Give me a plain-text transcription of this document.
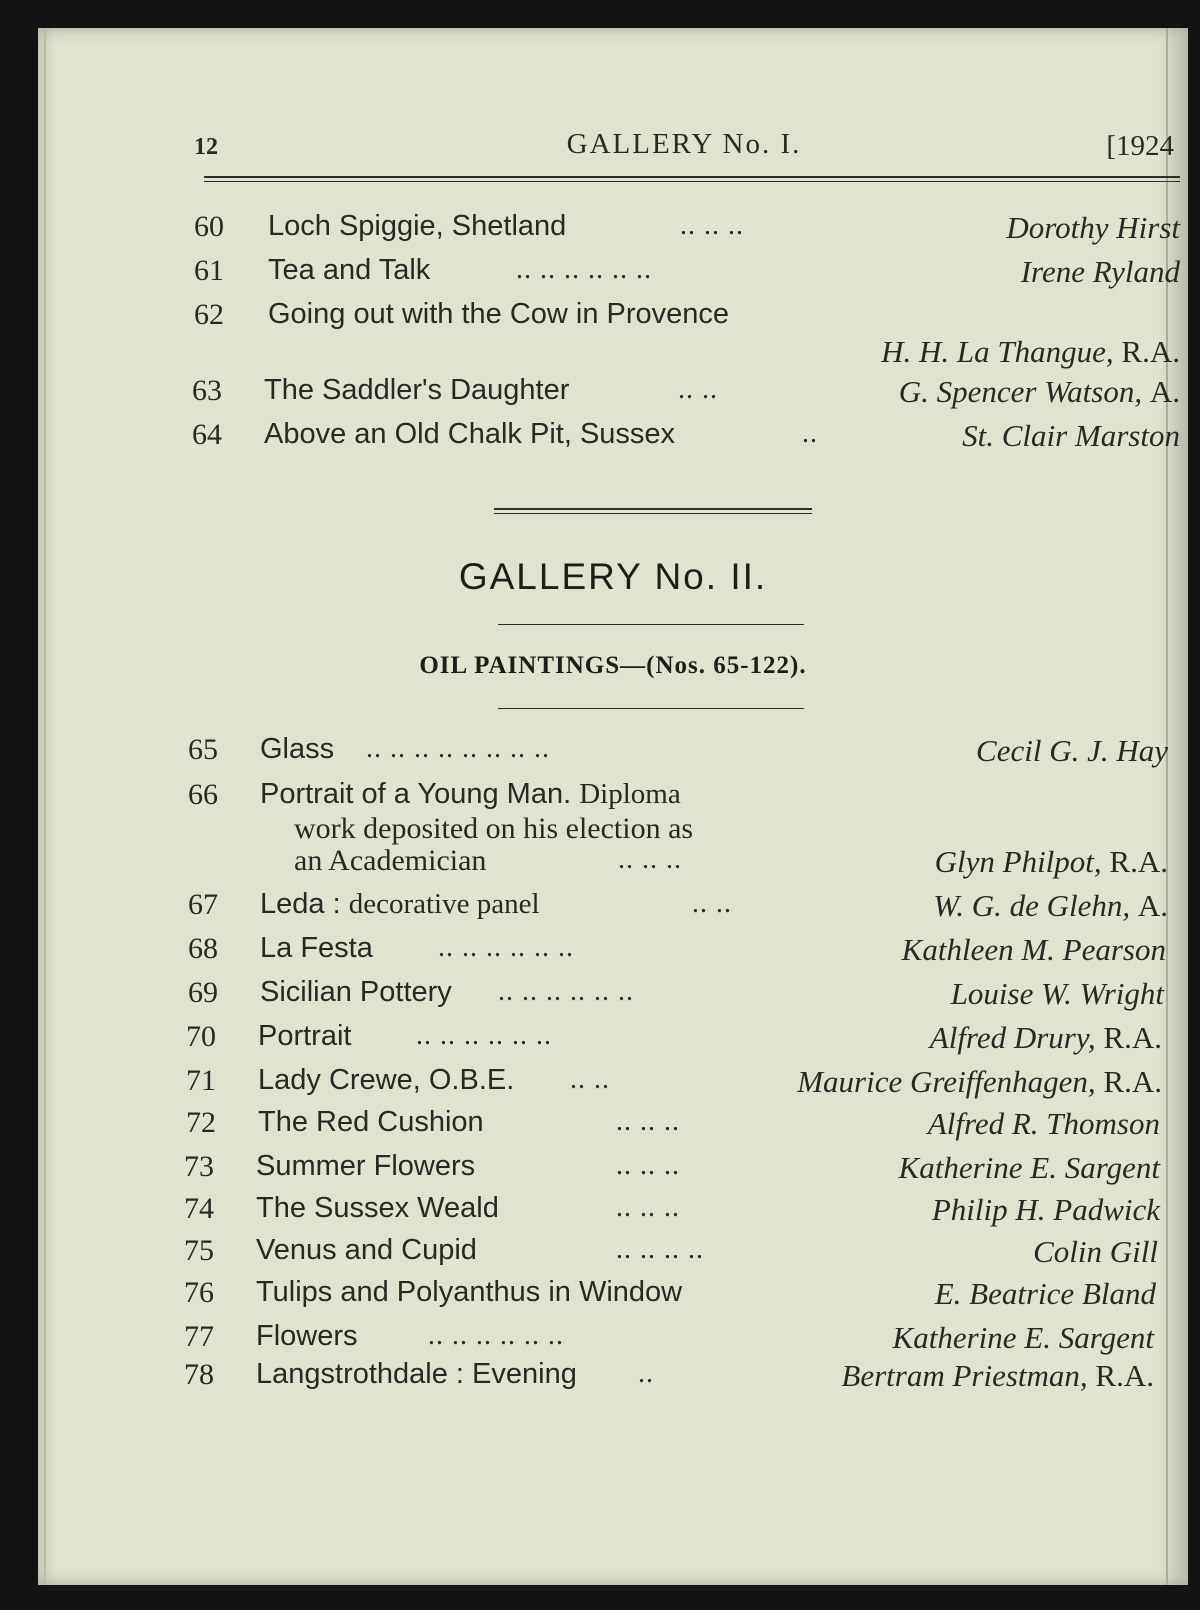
12	GALLERY No. I.	[1924
60 Loch Spiggie, Shetland	.. .. ..	Dorothy Hirst
61 Tea and Talk	.. .. .. .. .. ..	Irene Ryland
62 Going out with the Cow in Provence
H. H. La Thangue, R.A.
63 The Saddler's Daughter	.. ..	G. Spencer Watson, A.
64 Above an Old Chalk Pit, Sussex	..	St. Clair Marston
GALLERY No. II.
OIL PAINTINGS—(Nos. 65-122).
65 Glass .. .. .. .. .. .. .. ..	Cecil G. J. Hay
66 Portrait of a Young Man. Diploma
work deposited on his election as
an Academician	.. .. ..	Glyn Philpot, R.A.
67 Leda : decorative panel	.. ..	W. G. de Glehn, A.
68 La Festa .. .. .. .. .. ..	Kathleen M. Pearson
69 Sicilian Pottery .. .. .. .. .. ..	Louise W. Wright
70 Portrait .. .. .. .. .. ..	Alfred Drury, R.A.
71 Lady Crewe, O.B.E. .. ..	Maurice Greiffenhagen, R.A.
72 The Red Cushion	.. .. ..	Alfred R. Thomson
73 Summer Flowers	.. .. ..	Katherine E. Sargent
74 The Sussex Weald	.. .. ..	Philip H. Padwick
75 Venus and Cupid	.. .. .. ..	Colin Gill
76 Tulips and Polyanthus in Window	E. Beatrice Bland
77 Flowers	.. .. .. .. .. ..	Katherine E. Sargent
78 Langstrothdale : Evening ..	Bertram Priestman, R.A.
